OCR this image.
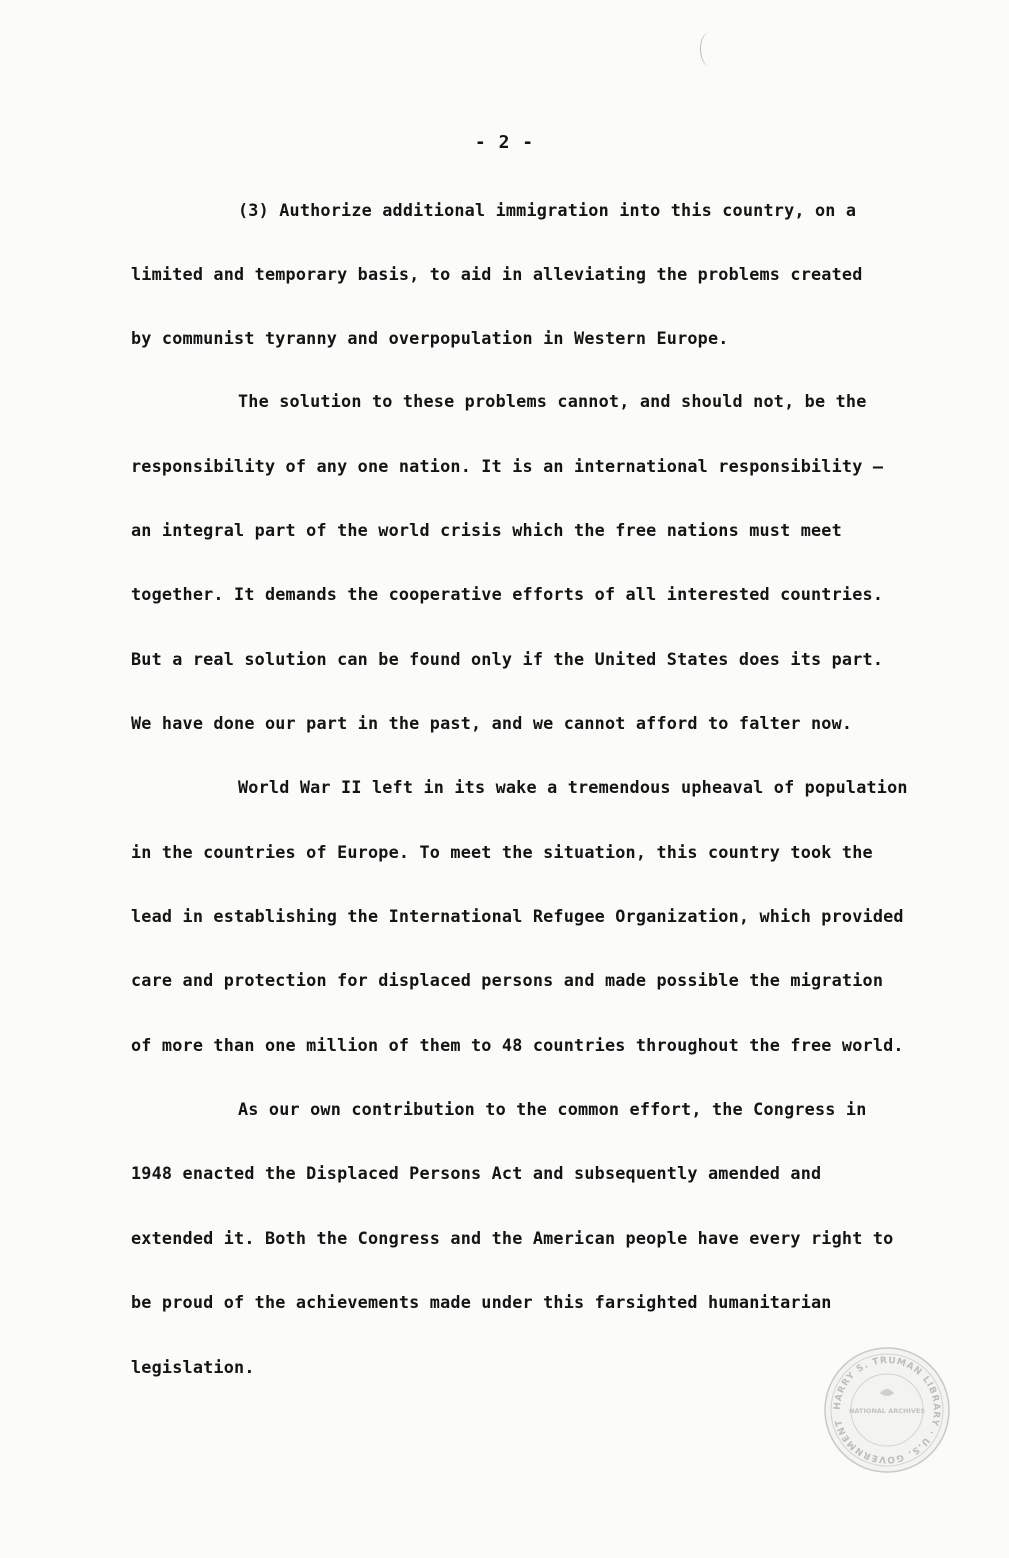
- 2 -
(3) Authorize additional immigration into this country, on a
limited and temporary basis, to aid in alleviating the problems created
by communist tyranny and overpopulation in Western Europe.
The solution to these problems cannot, and should not, be the
responsibility of any one nation. It is an international responsibility —
an integral part of the world crisis which the free nations must meet
together. It demands the cooperative efforts of all interested countries.
But a real solution can be found only if the United States does its part.
We have done our part in the past, and we cannot afford to falter now.
World War II left in its wake a tremendous upheaval of population
in the countries of Europe. To meet the situation, this country took the
lead in establishing the International Refugee Organization, which provided
care and protection for displaced persons and made possible the migration
of more than one million of them to 48 countries throughout the free world.
As our own contribution to the common effort, the Congress in
1948 enacted the Displaced Persons Act and subsequently amended and
extended it. Both the Congress and the American people have every right to
be proud of the achievements made under this farsighted humanitarian
legislation.
HARRY S. TRUMAN LIBRARY · U.S. GOVERNMENT
NATIONAL ARCHIVES
